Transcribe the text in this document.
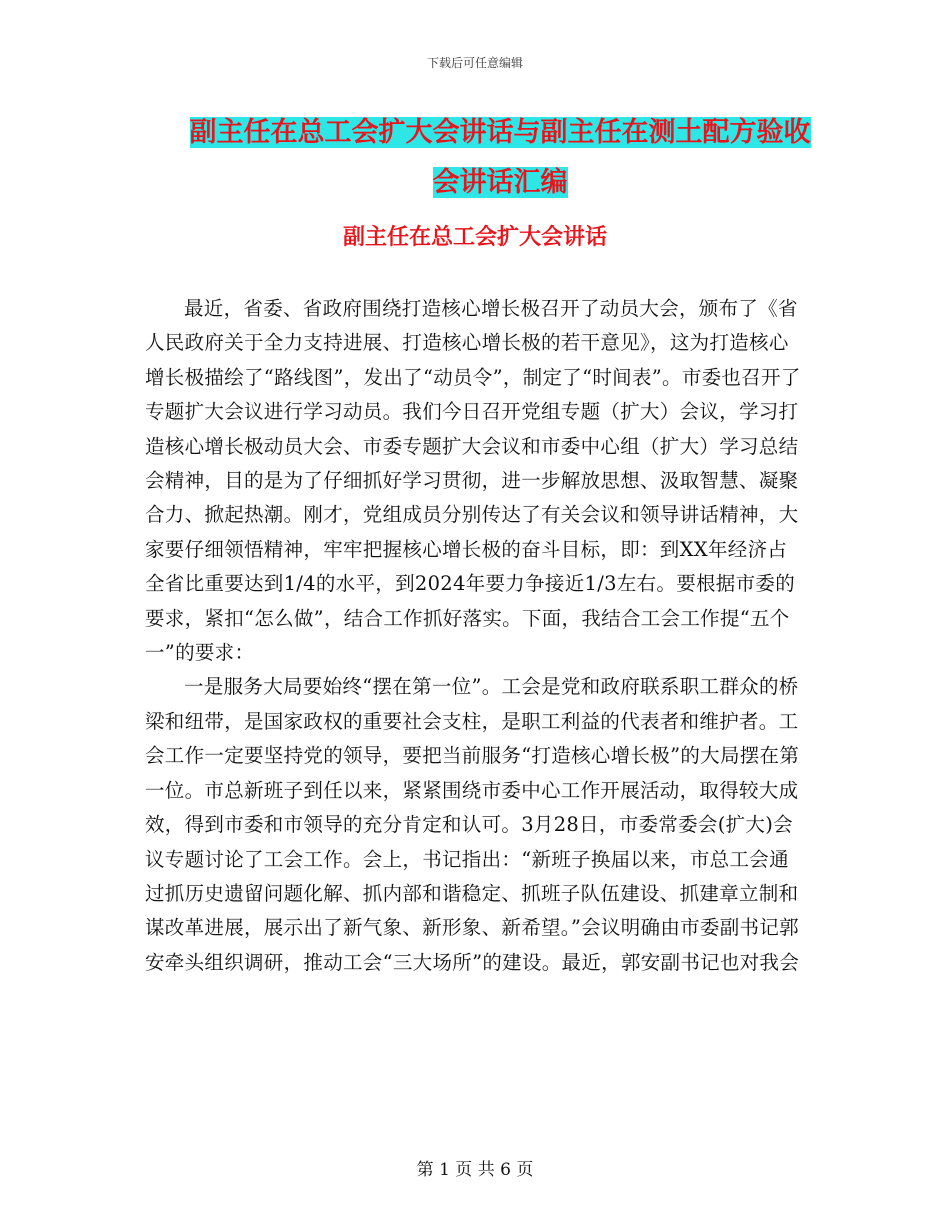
下载后可任意编辑
副主任在总工会扩大会讲话与副主任在测土配方验收
会讲话汇编
副主任在总工会扩大会讲话

最近，省委、省政府围绕打造核心增长极召开了动员大会，颁布了《省人民政府关于全力支持进展、打造核心增长极的若干意见》，这为打造核心增长极描绘了“路线图”，发出了“动员令”，制定了“时间表”。市委也召开了专题扩大会议进行学习动员。我们今日召开党组专题（扩大）会议，学习打造核心增长极动员大会、市委专题扩大会议和市委中心组（扩大）学习总结会精神，目的是为了仔细抓好学习贯彻，进一步解放思想、汲取智慧、凝聚合力、掀起热潮。刚才，党组成员分别传达了有关会议和领导讲话精神，大家要仔细领悟精神，牢牢把握核心增长极的奋斗目标，即：到XX年经济占全省比重要达到1/4的水平，到2024年要力争接近1/3左右。要根据市委的要求，紧扣“怎么做”，结合工作抓好落实。下面，我结合工会工作提“五个一”的要求：

一是服务大局要始终“摆在第一位”。工会是党和政府联系职工群众的桥梁和纽带，是国家政权的重要社会支柱，是职工利益的代表者和维护者。工会工作一定要坚持党的领导，要把当前服务“打造核心增长极”的大局摆在第一位。市总新班子到任以来，紧紧围绕市委中心工作开展活动，取得较大成效，得到市委和市领导的充分肯定和认可。3月28日，市委常委会(扩大)会议专题讨论了工会工作。会上，书记指出：“新班子换届以来，市总工会通过抓历史遗留问题化解、抓内部和谐稳定、抓班子队伍建设、抓建章立制和谋改革进展，展示出了新气象、新形象、新希望。”会议明确由市委副书记郭安牵头组织调研，推动工会“三大场所”的建设。最近，郭安副书记也对我会

第 1 页 共 6 页
